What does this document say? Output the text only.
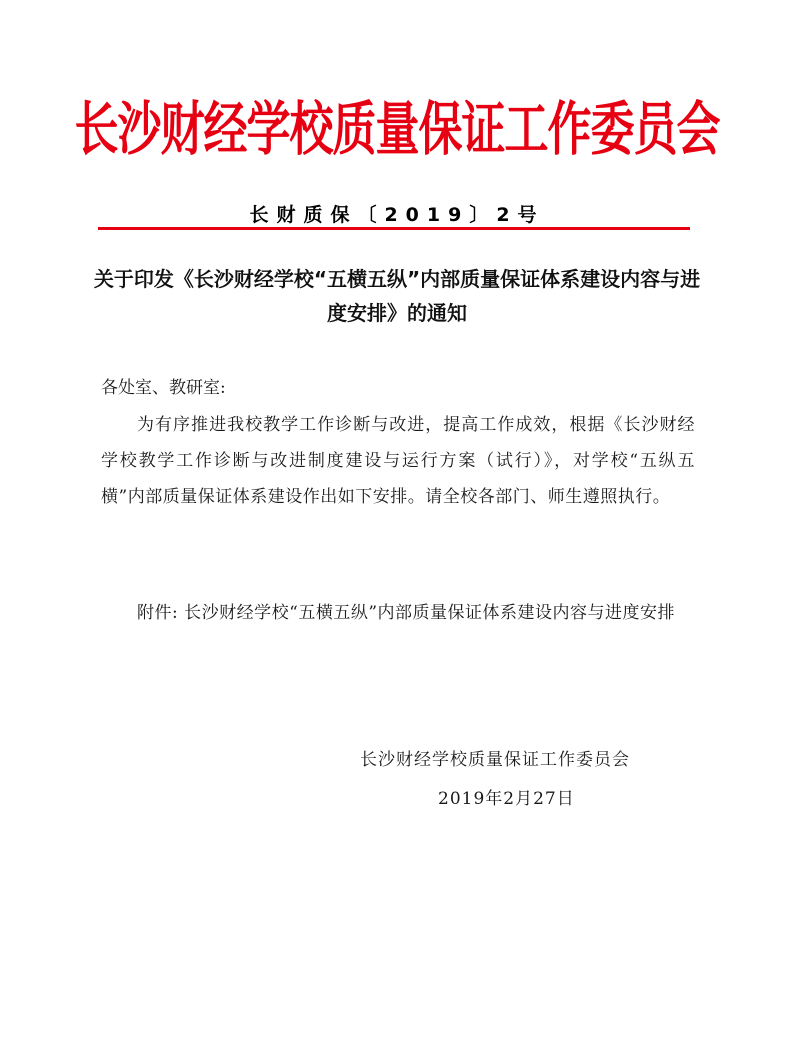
长沙财经学校质量保证工作委员会
长财质保〔2019〕2号
关于印发《长沙财经学校“五横五纵”内部质量保证体系建设内容与进度安排》的通知
各处室、教研室:
为有序推进我校教学工作诊断与改进，提高工作成效，根据《长沙财经学校教学工作诊断与改进制度建设与运行方案（试行）》，对学校“五纵五横”内部质量保证体系建设作出如下安排。请全校各部门、师生遵照执行。
附件: 长沙财经学校“五横五纵”内部质量保证体系建设内容与进度安排
长沙财经学校质量保证工作委员会
2019年2月27日
